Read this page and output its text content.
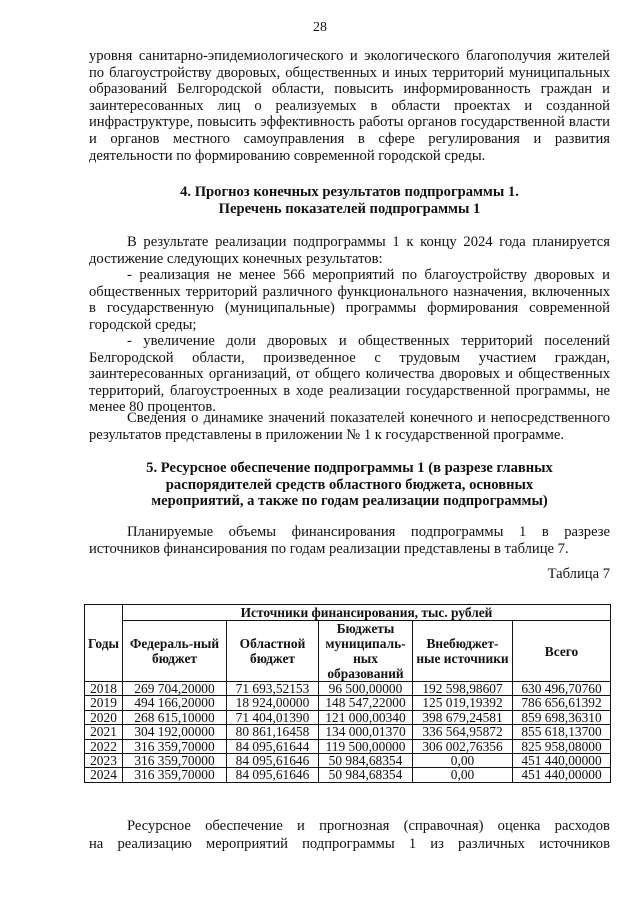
28

уровня санитарно-эпидемиологического и экологического благополучия жителей по благоустройству дворовых, общественных и иных территорий муниципальных образований Белгородской области, повысить информированность граждан и заинтересованных лиц о реализуемых в области проектах и созданной инфраструктуре, повысить эффективность работы органов государственной власти и органов местного самоуправления в сфере регулирования и развития деятельности по формированию современной городской среды.

4. Прогноз конечных результатов подпрограммы 1.
Перечень показателей подпрограммы 1

В результате реализации подпрограммы 1 к концу 2024 года планируется достижение следующих конечных результатов:

- реализация не менее 566 мероприятий по благоустройству дворовых и общественных территорий различного функционального назначения, включенных в государственную (муниципальные) программы формирования современной городской среды;

- увеличение доли дворовых и общественных территорий поселений Белгородской области, произведенное с трудовым участием граждан, заинтересованных организаций, от общего количества дворовых и общественных территорий, благоустроенных в ходе реализации государственной программы, не менее 80 процентов.

Сведения о динамике значений показателей конечного и непосредственного результатов представлены в приложении № 1 к государственной программе.

5. Ресурсное обеспечение подпрограммы 1 (в разрезе главных
распорядителей средств областного бюджета, основных
мероприятий, а также по годам реализации подпрограммы)

Планируемые объемы финансирования подпрограммы 1 в разрезе источников финансирования по годам реализации представлены в таблице 7.

Таблица 7
Годы	Источники финансирования, тыс. рублей				
	Федераль-ный бюджет	Областной бюджет	Бюджеты муниципаль-ных образований	Внебюджет-ные источники	Всего
2018	269 704,20000	71 693,52153	96 500,00000	192 598,98607	630 496,70760
2019	494 166,20000	18 924,00000	148 547,22000	125 019,19392	786 656,61392
2020	268 615,10000	71 404,01390	121 000,00340	398 679,24581	859 698,36310
2021	304 192,00000	80 861,16458	134 000,01370	336 564,95872	855 618,13700
2022	316 359,70000	84 095,61644	119 500,00000	306 002,76356	825 958,08000
2023	316 359,70000	84 095,61646	50 984,68354	0,00	451 440,00000
2024	316 359,70000	84 095,61646	50 984,68354	0,00	451 440,00000
Ресурсное обеспечение и прогнозная (справочная) оценка расходов
на реализацию мероприятий подпрограммы 1 из различных источников
